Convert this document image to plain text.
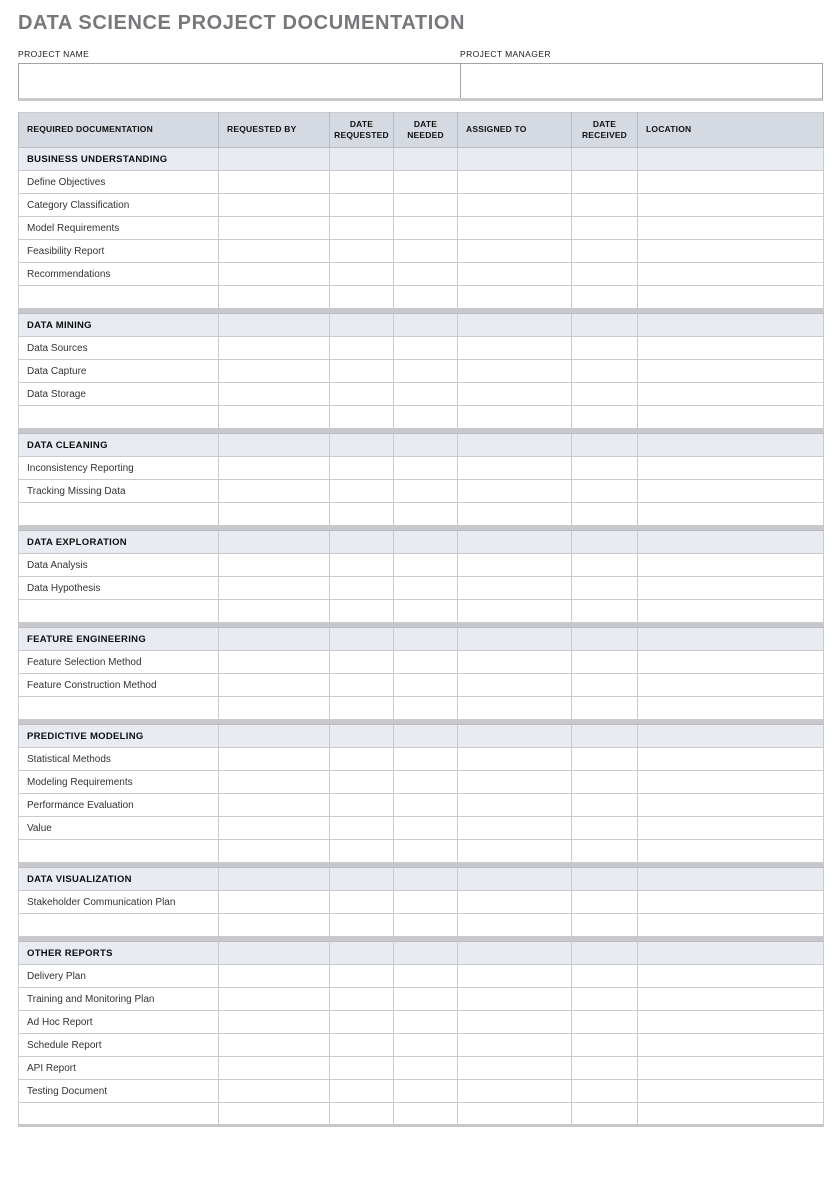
DATA SCIENCE PROJECT DOCUMENTATION
PROJECT NAME	PROJECT MANAGER
REQUIRED DOCUMENTATION	REQUESTED BY	DATE REQUESTED	DATE NEEDED	ASSIGNED TO	DATE RECEIVED	LOCATION
BUSINESS UNDERSTANDING						
Define Objectives						
Category Classification						
Model Requirements						
Feasibility Report						
Recommendations						

DATA MINING						
Data Sources						
Data Capture						
Data Storage						

DATA CLEANING						
Inconsistency Reporting						
Tracking Missing Data						

DATA EXPLORATION						
Data Analysis						
Data Hypothesis						

FEATURE ENGINEERING						
Feature Selection Method						
Feature Construction Method						

PREDICTIVE MODELING						
Statistical Methods						
Modeling Requirements						
Performance Evaluation						
Value						

DATA VISUALIZATION						
Stakeholder Communication Plan						

OTHER REPORTS						
Delivery Plan						
Training and Monitoring Plan						
Ad Hoc Report						
Schedule Report						
API Report						
Testing Document						
